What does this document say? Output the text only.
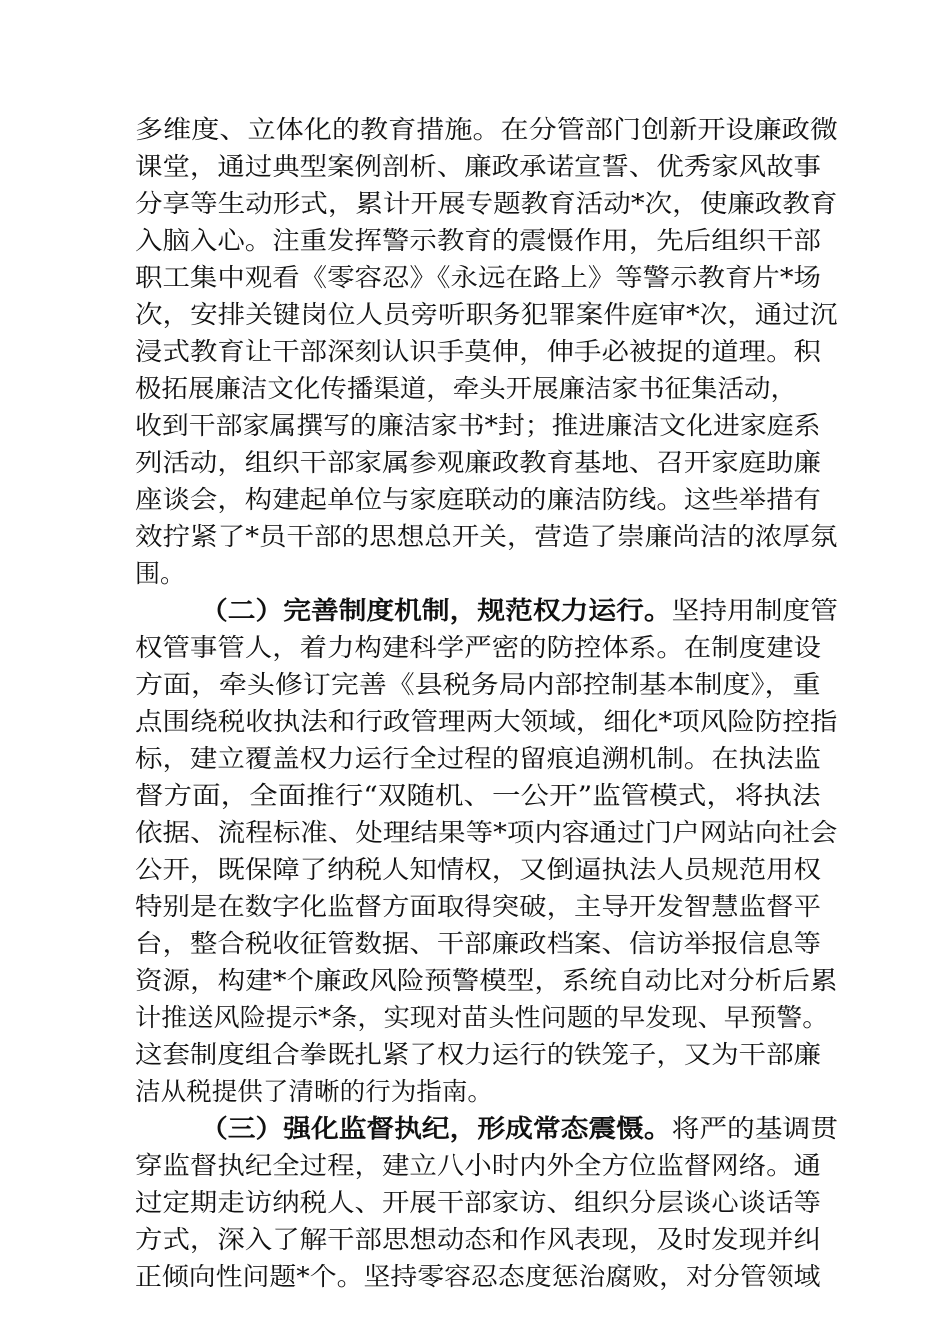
多维度、立体化的教育措施。在分管部门创新开设廉政微
课堂，通过典型案例剖析、廉政承诺宣誓、优秀家风故事
分享等生动形式，累计开展专题教育活动*次，使廉政教育
入脑入心。注重发挥警示教育的震慑作用，先后组织干部
职工集中观看《零容忍》《永远在路上》等警示教育片*场
次，安排关键岗位人员旁听职务犯罪案件庭审*次，通过沉
浸式教育让干部深刻认识手莫伸，伸手必被捉的道理。积
极拓展廉洁文化传播渠道，牵头开展廉洁家书征集活动，
收到干部家属撰写的廉洁家书*封；推进廉洁文化进家庭系
列活动，组织干部家属参观廉政教育基地、召开家庭助廉
座谈会，构建起单位与家庭联动的廉洁防线。这些举措有
效拧紧了*员干部的思想总开关，营造了崇廉尚洁的浓厚氛
围。
（二）完善制度机制，规范权力运行。坚持用制度管
权管事管人，着力构建科学严密的防控体系。在制度建设
方面，牵头修订完善《县税务局内部控制基本制度》，重
点围绕税收执法和行政管理两大领域，细化*项风险防控指
标，建立覆盖权力运行全过程的留痕追溯机制。在执法监
督方面，全面推行“双随机、一公开”监管模式，将执法
依据、流程标准、处理结果等*项内容通过门户网站向社会
公开，既保障了纳税人知情权，又倒逼执法人员规范用权
特别是在数字化监督方面取得突破，主导开发智慧监督平
台，整合税收征管数据、干部廉政档案、信访举报信息等
资源，构建*个廉政风险预警模型，系统自动比对分析后累
计推送风险提示*条，实现对苗头性问题的早发现、早预警。
这套制度组合拳既扎紧了权力运行的铁笼子，又为干部廉
洁从税提供了清晰的行为指南。
（三）强化监督执纪，形成常态震慑。将严的基调贯
穿监督执纪全过程，建立八小时内外全方位监督网络。通
过定期走访纳税人、开展干部家访、组织分层谈心谈话等
方式，深入了解干部思想动态和作风表现，及时发现并纠
正倾向性问题*个。坚持零容忍态度惩治腐败，对分管领域
